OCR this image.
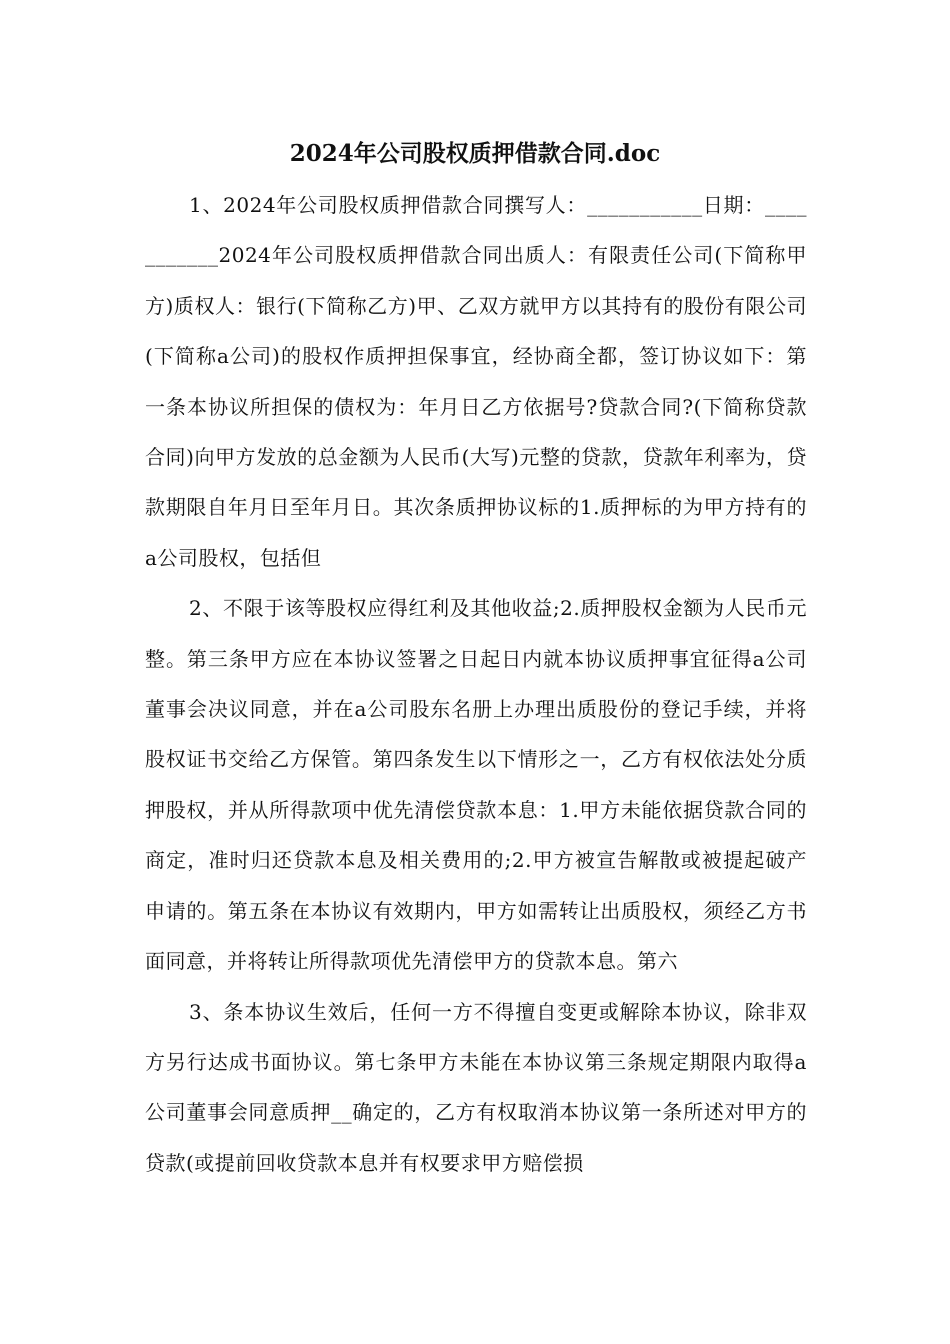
2024年公司股权质押借款合同.doc

1、2024年公司股权质押借款合同撰写人：___________日期：___________2024年公司股权质押借款合同出质人：有限责任公司(下简称甲方)质权人：银行(下简称乙方)甲、乙双方就甲方以其持有的股份有限公司(下简称a公司)的股权作质押担保事宜，经协商全都，签订协议如下：第一条本协议所担保的债权为：年月日乙方依据号?贷款合同?(下简称贷款合同)向甲方发放的总金额为人民币(大写)元整的贷款，贷款年利率为，贷款期限自年月日至年月日。其次条质押协议标的1.质押标的为甲方持有的a公司股权，包括但

2、不限于该等股权应得红利及其他收益;2.质押股权金额为人民币元整。第三条甲方应在本协议签署之日起日内就本协议质押事宜征得a公司董事会决议同意，并在a公司股东名册上办理出质股份的登记手续，并将股权证书交给乙方保管。第四条发生以下情形之一，乙方有权依法处分质押股权，并从所得款项中优先清偿贷款本息：1.甲方未能依据贷款合同的商定，准时归还贷款本息及相关费用的;2.甲方被宣告解散或被提起破产申请的。第五条在本协议有效期内，甲方如需转让出质股权，须经乙方书面同意，并将转让所得款项优先清偿甲方的贷款本息。第六

3、条本协议生效后，任何一方不得擅自变更或解除本协议，除非双方另行达成书面协议。第七条甲方未能在本协议第三条规定期限内取得a公司董事会同意质押__确定的，乙方有权取消本协议第一条所述对甲方的贷款(或提前回收贷款本息并有权要求甲方赔偿损
